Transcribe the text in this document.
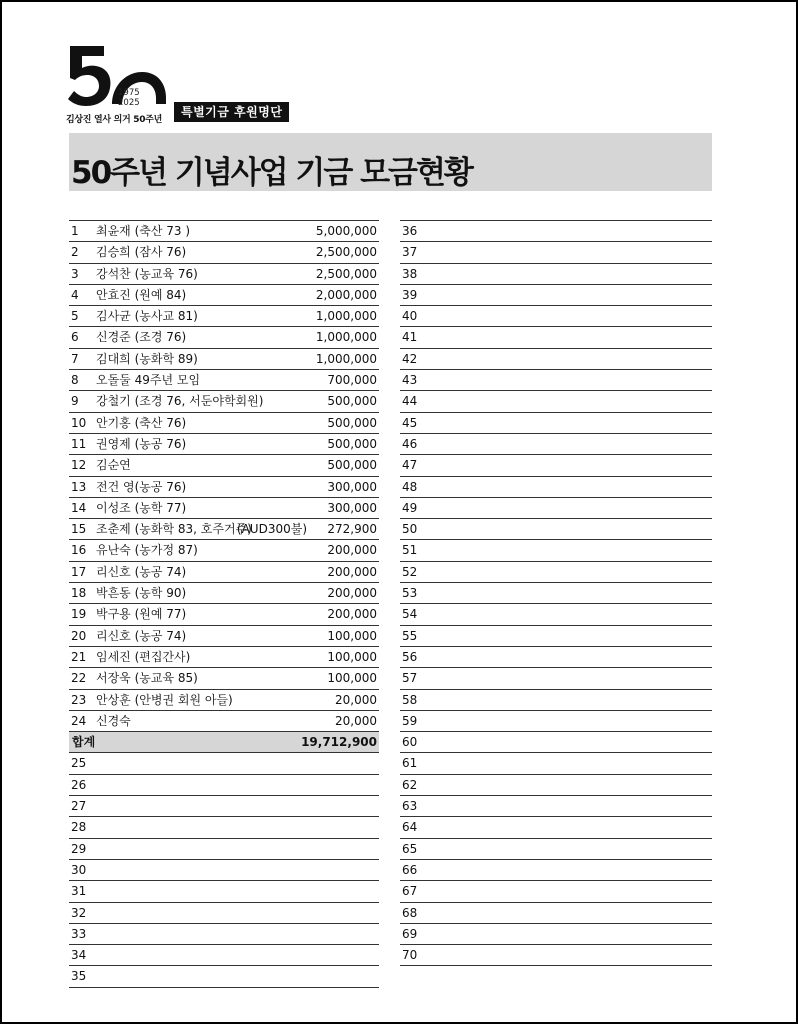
1975
2025
김상진 열사 의거 50주년
특별기금 후원명단
50주년 기념사업 기금 모금현황
1	최윤재 (축산 73 )	5,000,000
2	김승희 (잠사 76)	2,500,000
3	강석찬 (농교육 76)	2,500,000
4	안효진 (원예 84)	2,000,000
5	김사균 (농사교 81)	1,000,000
6	신경준 (조경 76)	1,000,000
7	김대희 (농화학 89)	1,000,000
8	오돌둘 49주년 모임	700,000
9	강철기 (조경 76, 서둔야학회원)	500,000
10 안기홍 (축산 76)	500,000
11 권영제 (농공 76)	500,000
12 김순연	500,000
13 전건 영(농공 76)	300,000
14 이성조 (농학 77)	300,000
15 조춘제 (농화학 83, 호주거주)
(AUD300불) 272,900
16 유난숙 (농가정 87)	200,000
17 리신호 (농공 74)	200,000
18 박흔동 (농학 90)	200,000
19 박구용 (원예 77)	200,000
20 리신호 (농공 74)	100,000
21 임세진 (편집간사)	100,000
22 서장욱 (농교육 85)	100,000
23 안상훈 (안병권 회원 아들)	20,000
24 신경숙	20,000
합계	19,712,900
25
26
27
28
29
30
31
32
33
34
35
36
37
38
39
40
41
42
43
44
45
46
47
48
49
50
51
52
53
54
55
56
57
58
59
60
61
62
63
64
65
66
67
68
69
70
